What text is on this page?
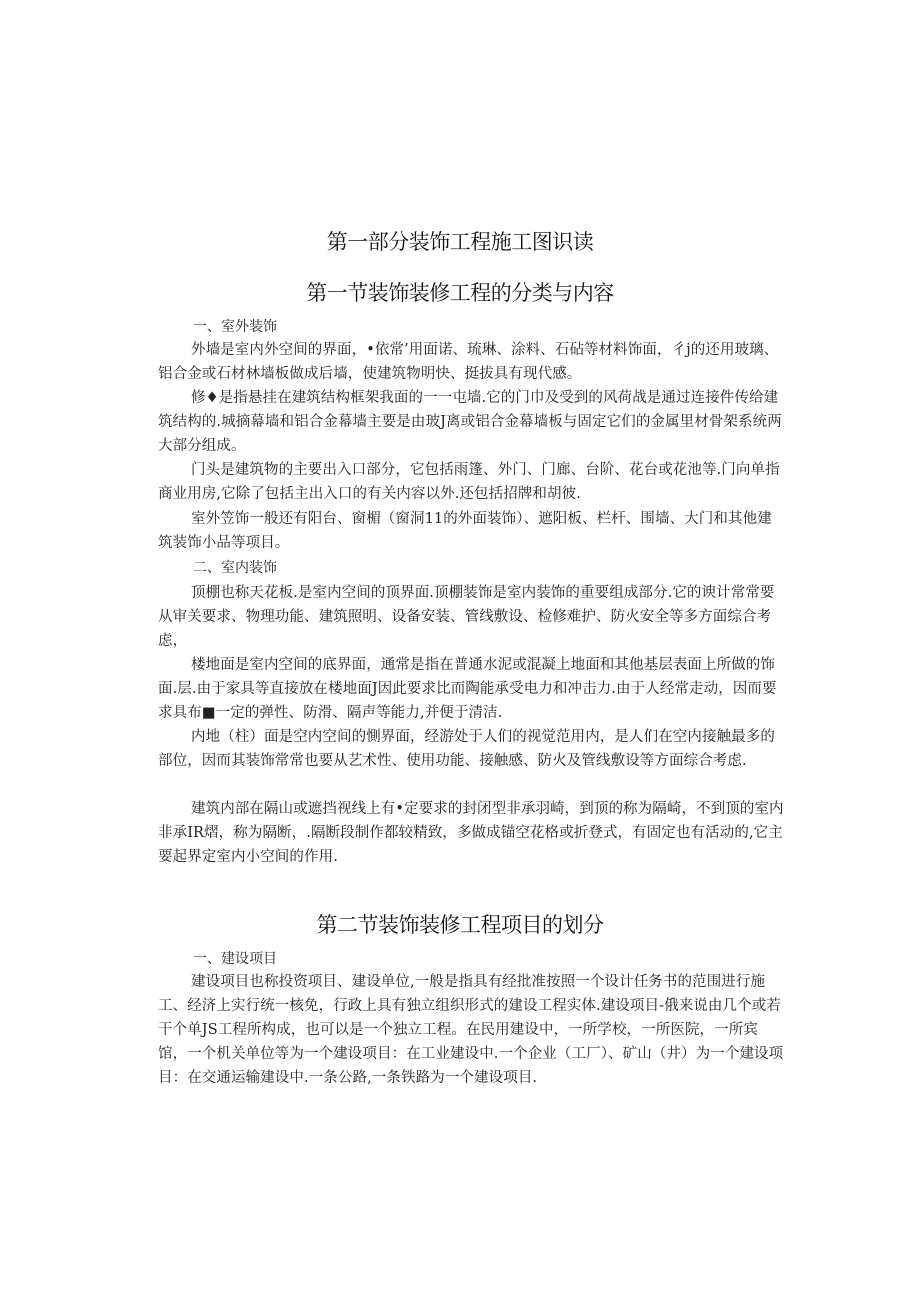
第一部分装饰工程施工图识读
第一节装饰装修工程的分类与内容
一、室外装饰

外墙是室内外空间的界面，•依常’用面诺、琉琳、涂料、石砧等材料饰面，彳j的还用玻璃、铝合金或石材林墙板做成后墙，使建筑物明快、挺拔具有现代感。

修♦是指悬挂在建筑结构框架我面的一一屯墙.它的门巾及受到的风荷战是通过连接件传给建筑结构的.城摘幕墙和铝合金幕墙主要是由玻J离或铝合金幕墙板与固定它们的金属里材骨架系统两大部分组成。

门头是建筑物的主要出入口部分，它包括雨篷、外门、门廊、台阶、花台或花池等.门向单指商业用房,它除了包括主出入口的有关内容以外.还包括招牌和胡彼.

室外笠饰一般还有阳台、窗楣（窗洞11的外面装饰）、遮阳板、栏杆、围墙、大门和其他建筑装饰小品等项目。

二、室内装饰

顶棚也称天花板.是室内空间的顶界面.顶棚装饰是室内装饰的重要组成部分.它的谀计常常要从审关要求、物理功能、建筑照明、设备安装、管线敷设、检修难护、防火安全等多方面综合考虑，

楼地面是室内空间的底界面，通常是指在普通水泥或混凝上地面和其他基层表面上所做的饰面.层.由于家具等直接放在楼地面J因此要求比而陶能承受电力和冲击力.由于人经常走动，因而要求具布■一定的弹性、防滑、隔声等能力,并便于清洁.

内地（柱）面是空内空间的惻界面，经游处于人们的视觉范用内，是人们在空内接触最多的部位，因而其装饰常常也要从艺术性、使用功能、接触感、防火及管线敷设等方面综合考虑.

建筑内部在隔山或遮挡视线上有•定要求的封闭型非承羽崎，到顶的称为隔崎，不到顶的室内非承IR熠，称为隔断，.隔断段制作都较精致，多做成锚空花格或折登式，有固定也有活动的,它主要起界定室内小空间的作用.

第二节装饰装修工程项目的划分
一、建设项目

建设项目也称投资项目、建设单位,一般是指具有经批准按照一个设计任务书的范围进行施工、经济上实行统一核免，行政上具有独立组织形式的建设工程实体.建设项目-俄来说由几个或若干个单JS工程所构成，也可以是一个独立工程。在民用建设中，一所学校，一所医院，一所宾馆，一个机关单位等为一个建设项目：在工业建设中.一个企业（工厂）、矿山（井）为一个建设项目：在交通运输建设中.一条公路,一条铁路为一个建设项目.
